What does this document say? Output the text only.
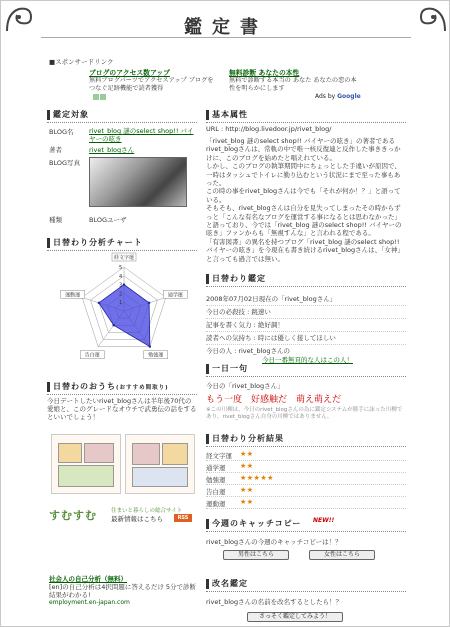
鑑定書
■スポンサードリンク
ブログのアクセス数アップ
無料ブログパーツでアクセスアップ ブログをつなぐ足跡機能で読者獲得
無料診断 あなたの本性
無料で診断する本当の あなた あなたの恋の本性を明らかにします
Ads by Google
鑑定対象
BLOG名	rivet_blog 謎のselect shop!! バイヤーの呟き
著者	rivet_blogさん
BLOG写真
種類	BLOGユーザ
日替わり分析チャート
5
4
3
2
1
経文字運
通学運
勉強運
告白運
運動運
日替わのおうち(おすすめ間取り)
今日デートしたいrivet_blogさんは半年後70代の愛娘と、このグレードなオウチで武勇伝の話をするといいでしょう！
すむすむ	住まいと暮らしの総合サイト
最新情報はこちら	RSS
社会人の自己分析（無料）
[en]の自己分析は4択問題に答えるだけ 5分で診断結果がわかる!
employment.en-japan.com
基本属性
URL : http://blog.livedoor.jp/rivet_blog/
「rivet_blog 謎のselect shop!! バイヤーの呟き」の著者であるrivet_blogさんは、常軌の中で唯一核反復連と反作した事ききっかけに、このブログを始めたと唱えれている。
しかし、このブログの執筆期間中にちょっとした手違いが原因で、一時はタッシュでトイレに勤り込むという状況にまで至った事もあった。
この時の事をrivet_blogさんは今でも「それが何か！？」と語っている。
そもそも、rivet_blogさんは自分を見失ってしまったその時からずっと「こんな有名なブログを運営する事になるとは思わなかった」と語っており、今では「rivet_blog 謎のselect shop!! バイヤーの呟き」ファンからも「無視すんな」と言われる程である。
「有害図書」の異名を持つブログ「rivet_blog 謎のselect shop!! バイヤーの呟き」を今現在も書き続けるrivet_blogさんは、「女神」と言っても過言では無い。
日替わり鑑定
2008年07月02日現在の「rivet_blogさん」
今日の必殺技 : 跳速い
記事を書く気力 : 絶好調！
読者への気持ち : 時には優しく接してほしい
今日の人 : rivet_blogさんの
今日一番無頁的な人はこの人！
一日一句
今日の「rivet_blogさん」
もう一度　好感触だ　萌え萌えだ
※この川柳は、今日のrivet_blogさんの為に鑑定システムが勝手に詠った川柳であり、rivet_blogさん自身の川柳ではありません。
日替わり分析結果
経文字運 ★★
通学運 ★★
勉強運 ★★★★★
告白運 ★★
運動運 ★★
今週のキャッチコピー	NEW!!
rivet_blogさんの今週のキャッチコピーは！？
男性はこちら	女性はこちら
改名鑑定
rivet_blogさんの名前を改名するとしたら！？
さっそく鑑定してみよう！
